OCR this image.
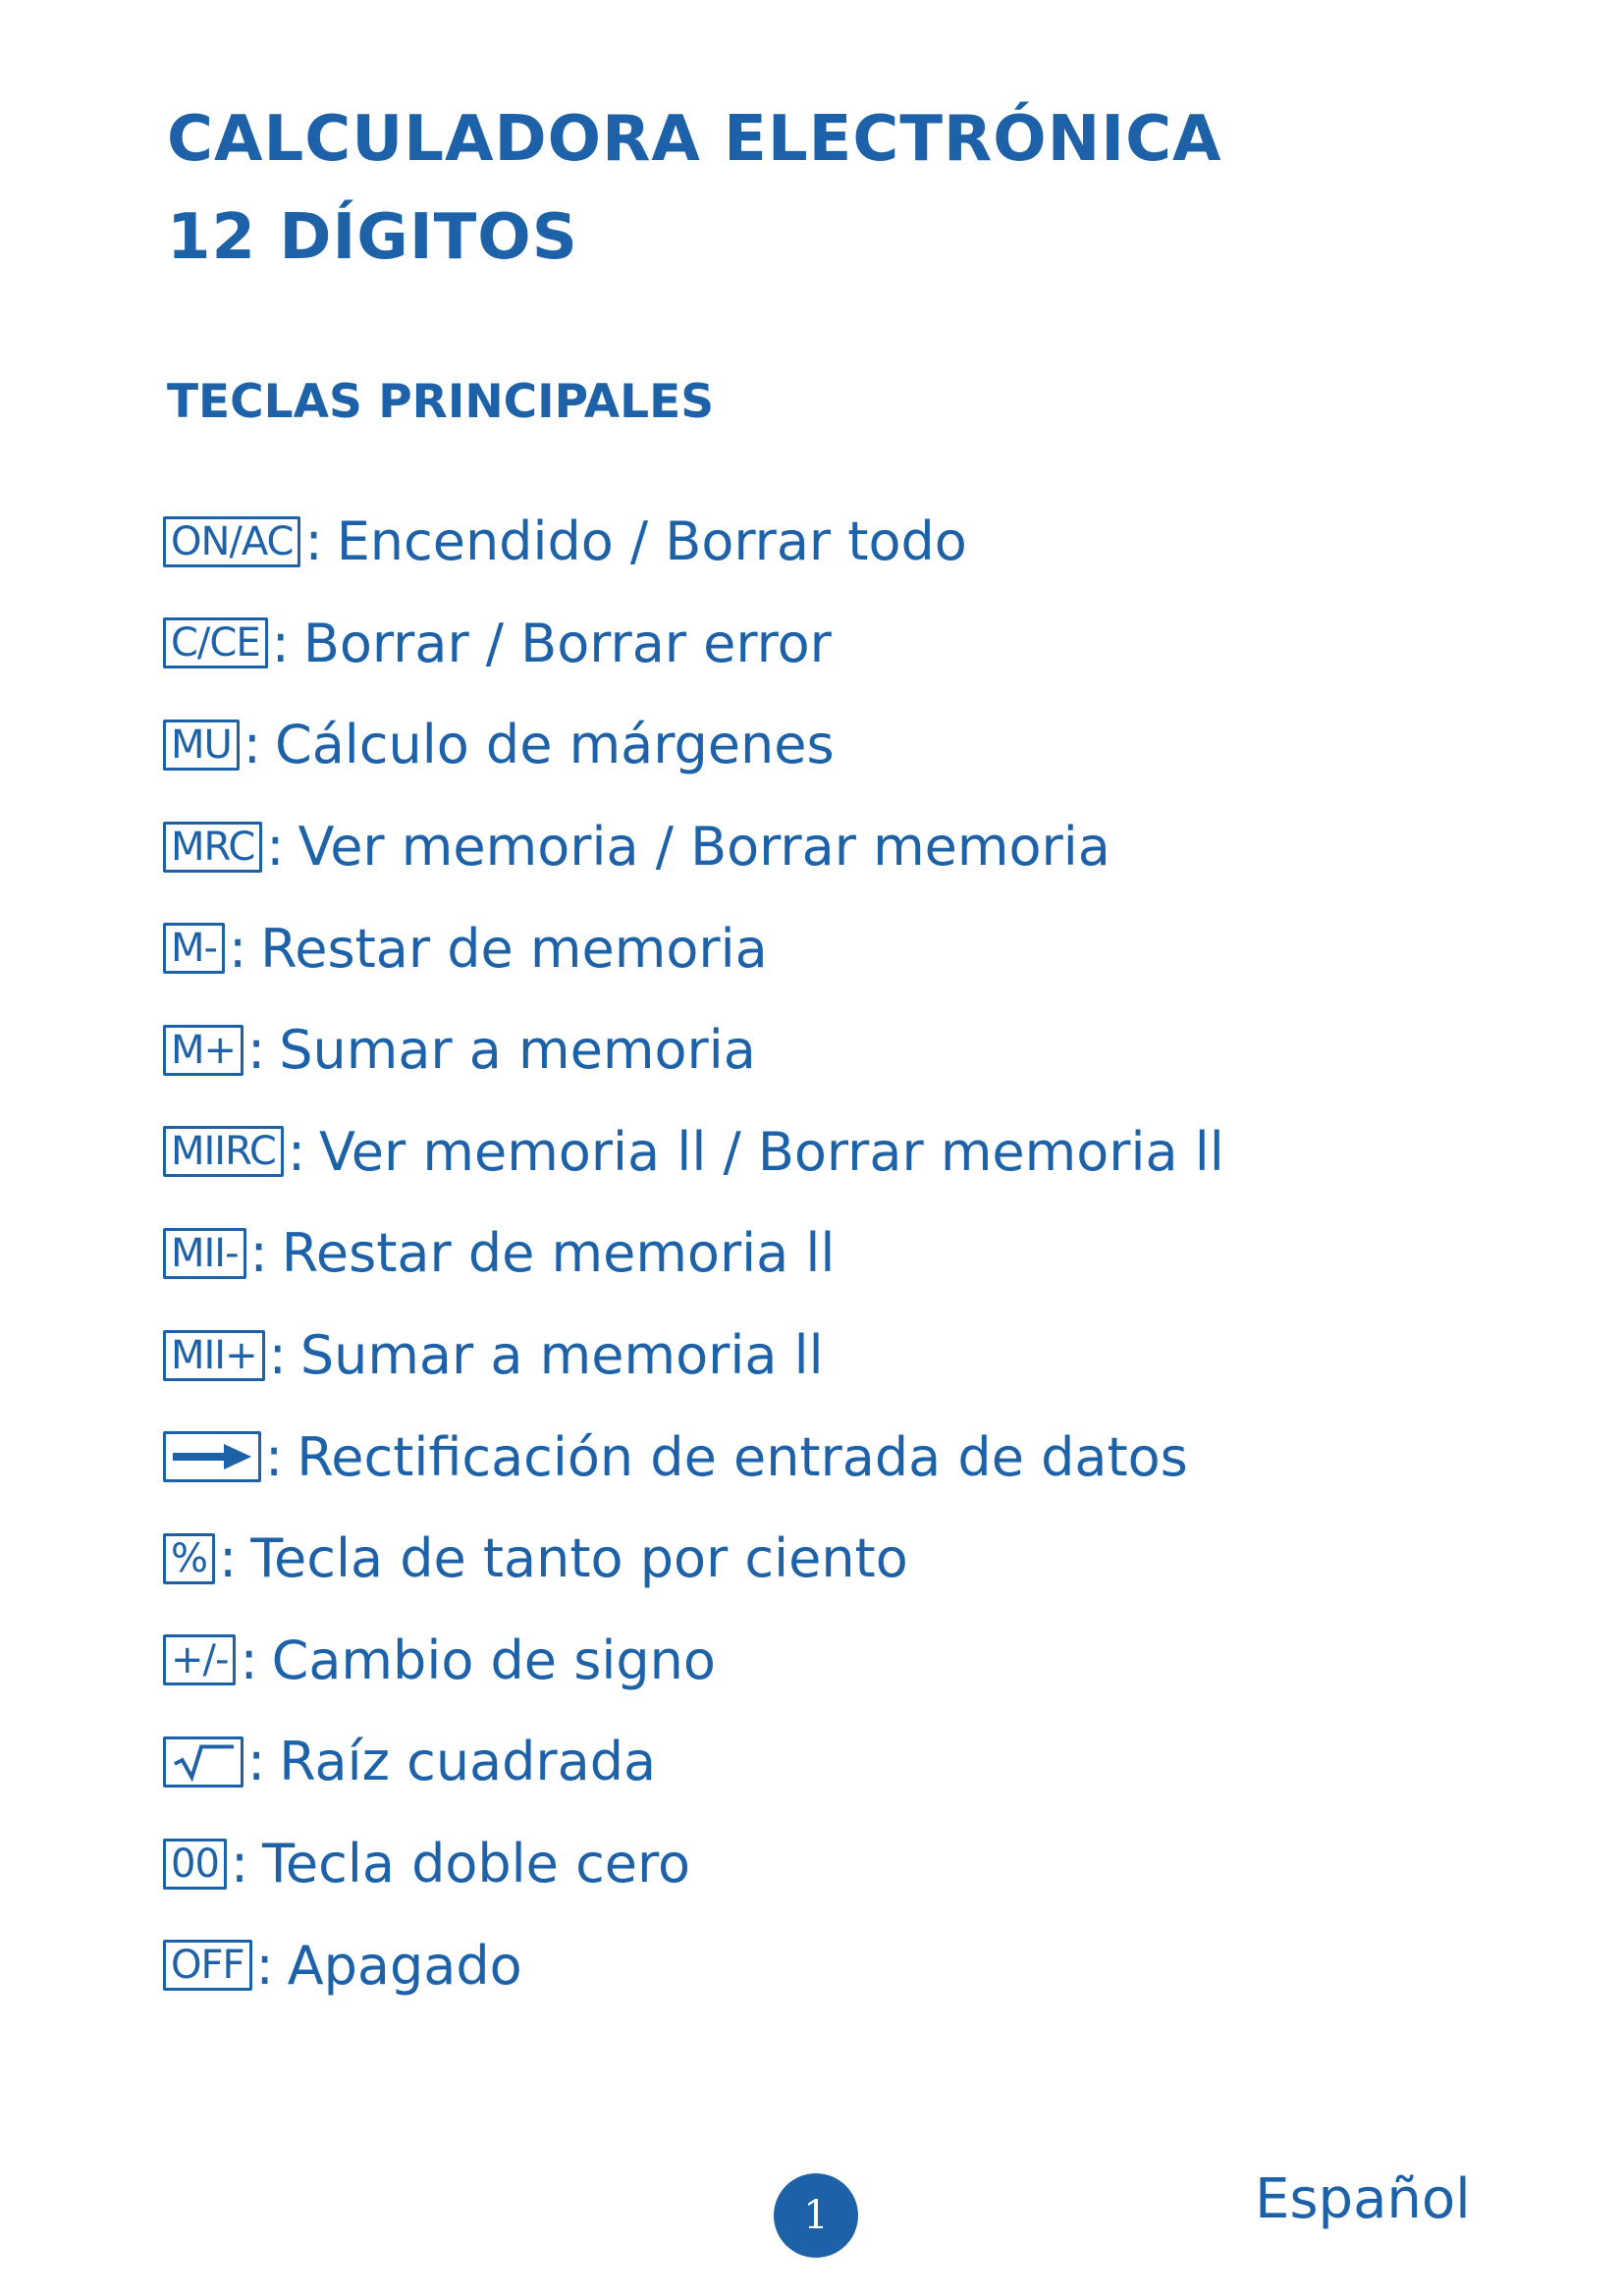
CALCULADORA ELECTRÓNICA
12 DÍGITOS
TECLAS PRINCIPALES
ON/AC : Encendido / Borrar todo
C/CE : Borrar / Borrar error
MU : Cálculo de márgenes
MRC : Ver memoria / Borrar memoria
M- : Restar de memoria
M+ : Sumar a memoria
MIIRC : Ver memoria ll / Borrar memoria ll
MII- : Restar de memoria ll
MII+ : Sumar a memoria ll
: Rectificación de entrada de datos
% : Tecla de tanto por ciento
+/- : Cambio de signo
: Raíz cuadrada
00 : Tecla doble cero
OFF : Apagado
1	Español
